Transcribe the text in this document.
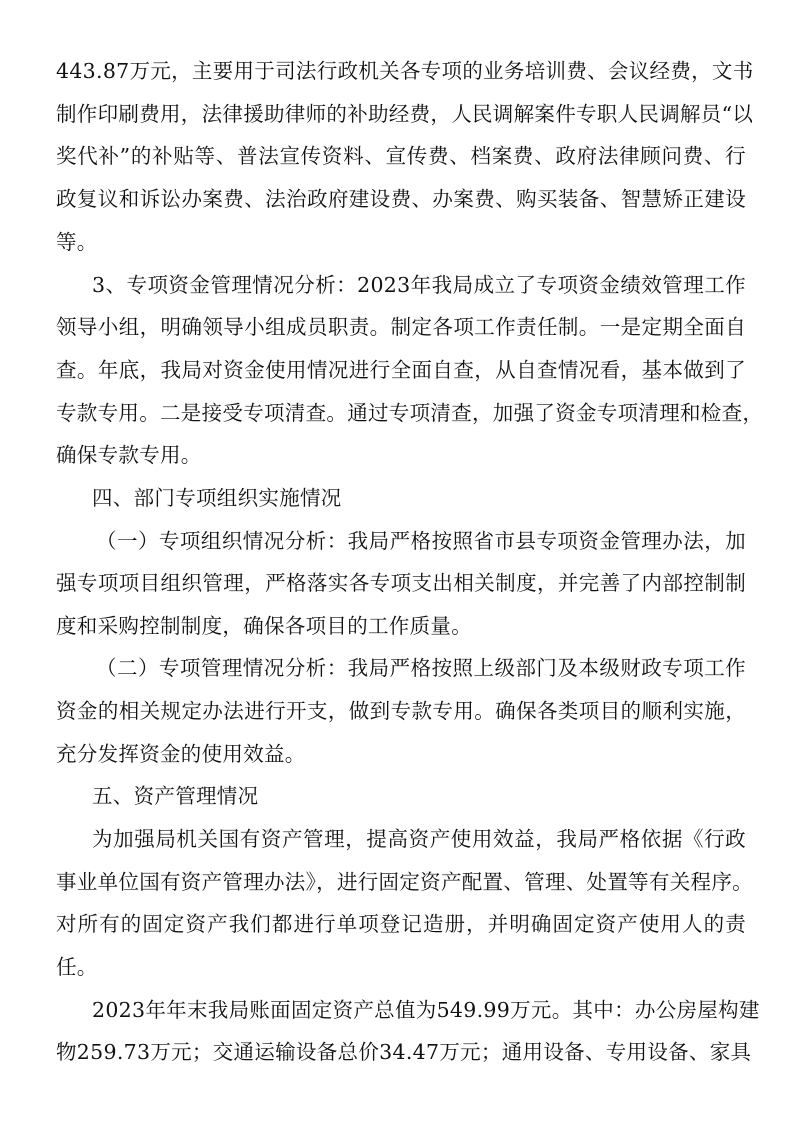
443.87万元，主要用于司法行政机关各专项的业务培训费、会议经费，文书
制作印刷费用，法律援助律师的补助经费，人民调解案件专职人民调解员“以
奖代补”的补贴等、普法宣传资料、宣传费、档案费、政府法律顾问费、行
政复议和诉讼办案费、法治政府建设费、办案费、购买装备、智慧矫正建设
等。
3、专项资金管理情况分析：2023年我局成立了专项资金绩效管理工作
领导小组，明确领导小组成员职责。制定各项工作责任制。一是定期全面自
查。年底，我局对资金使用情况进行全面自查，从自查情况看，基本做到了
专款专用。二是接受专项清查。通过专项清查，加强了资金专项清理和检查，
确保专款专用。
四、部门专项组织实施情况
（一）专项组织情况分析：我局严格按照省市县专项资金管理办法，加
强专项项目组织管理，严格落实各专项支出相关制度，并完善了内部控制制
度和采购控制制度，确保各项目的工作质量。
（二）专项管理情况分析：我局严格按照上级部门及本级财政专项工作
资金的相关规定办法进行开支，做到专款专用。确保各类项目的顺利实施，
充分发挥资金的使用效益。
五、资产管理情况
为加强局机关国有资产管理，提高资产使用效益，我局严格依据《行政
事业单位国有资产管理办法》，进行固定资产配置、管理、处置等有关程序。
对所有的固定资产我们都进行单项登记造册，并明确固定资产使用人的责
任。
2023年年末我局账面固定资产总值为549.99万元。其中：办公房屋构建
物259.73万元；交通运输设备总价34.47万元；通用设备、专用设备、家具
